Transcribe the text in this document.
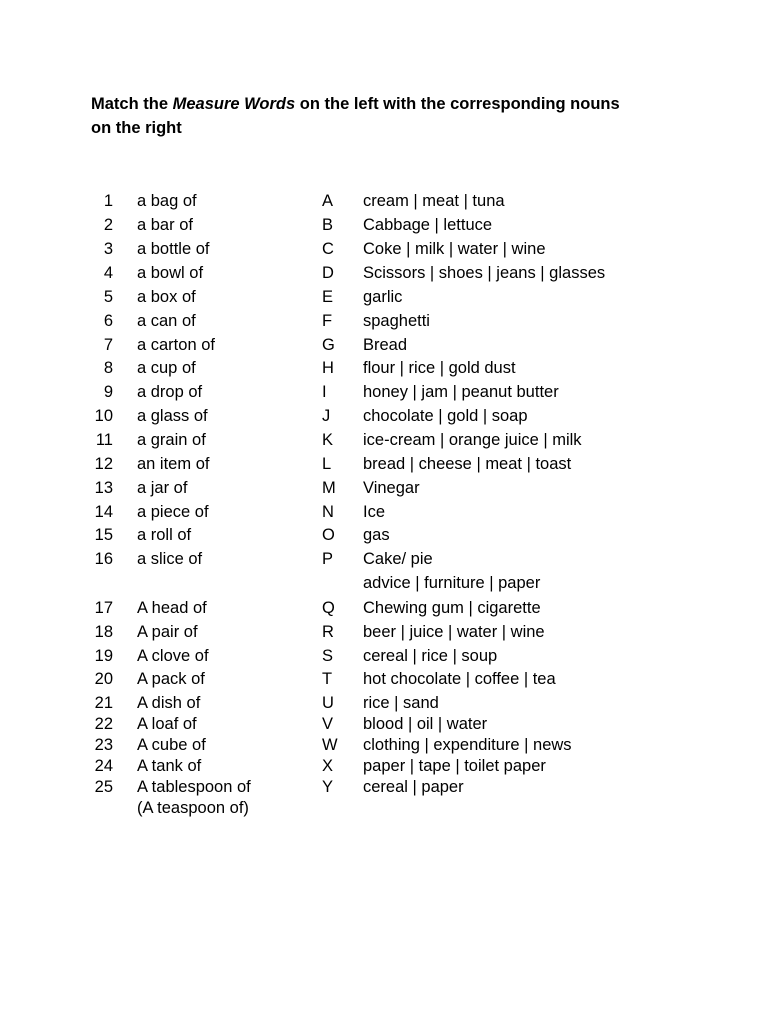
Match the Measure Words on the left with the corresponding nouns
on the right
1 a bag of	A cream | meat | tuna
2 a bar of	B Cabbage | lettuce
3 a bottle of	C Coke | milk | water | wine
4 a bowl of	D Scissors | shoes | jeans | glasses
5 a box of	E garlic
6 a can of	F spaghetti
7 a carton of	G Bread
8 a cup of	H flour | rice | gold dust
9 a drop of	I honey | jam | peanut butter
10 a glass of	J chocolate | gold | soap
11 a grain of	K ice-cream | orange juice | milk
12 an item of	L bread | cheese | meat | toast
13 a jar of	M Vinegar
14 a piece of	N Ice
15 a roll of	O gas
16 a slice of	P Cake/ pie
advice | furniture | paper
17 A head of	Q Chewing gum | cigarette
18 A pair of	R beer | juice | water | wine
19 A clove of	S cereal | rice | soup
20 A pack of	T hot chocolate | coffee | tea
21 A dish of	U rice | sand
22 A loaf of	V blood | oil | water
23 A cube of	W clothing | expenditure | news
24 A tank of	X paper | tape | toilet paper
25 A tablespoon of	Y cereal | paper
(A teaspoon of)
